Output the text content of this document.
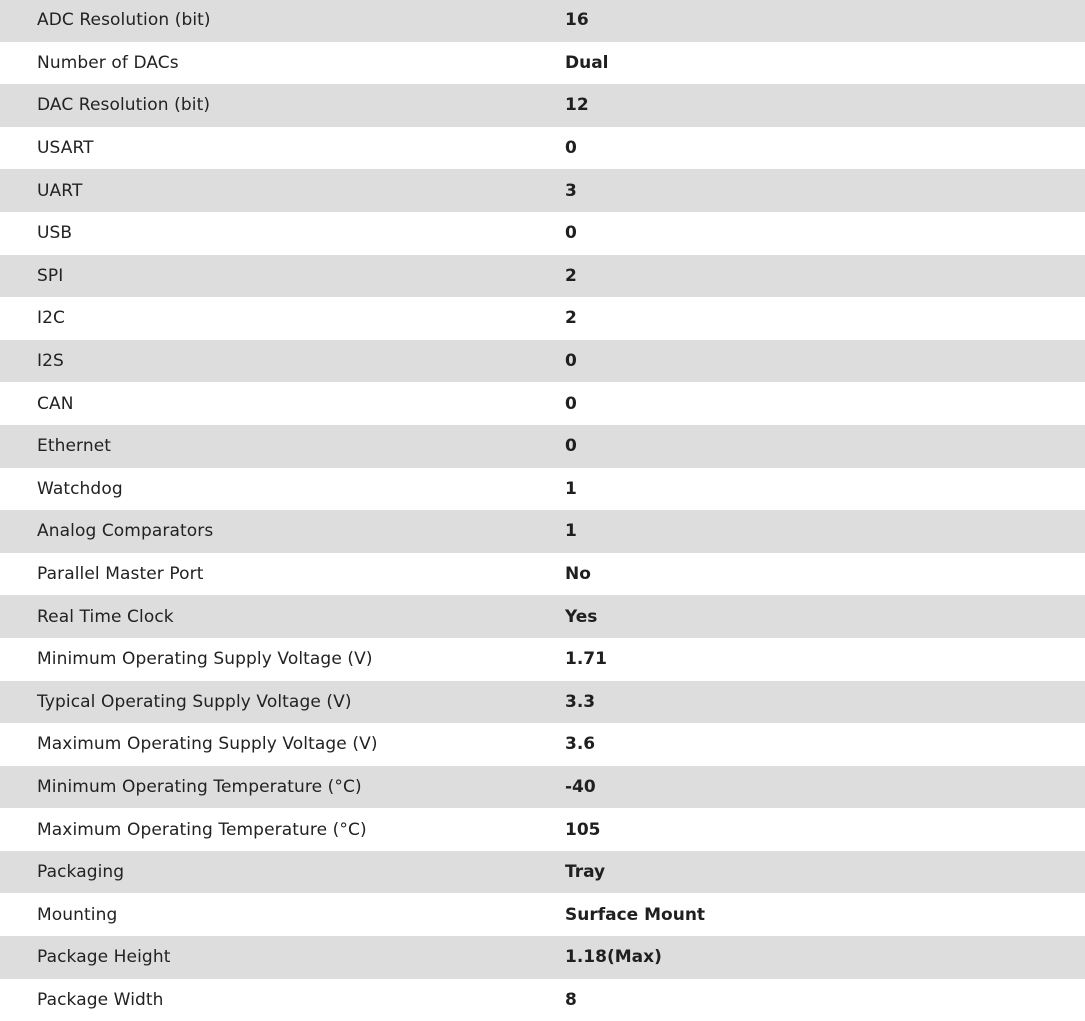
ADC Resolution (bit)	16
Number of DACs	Dual
DAC Resolution (bit)	12
USART	0
UART	3
USB	0
SPI	2
I2C	2
I2S	0
CAN	0
Ethernet	0
Watchdog	1
Analog Comparators	1
Parallel Master Port	No
Real Time Clock	Yes
Minimum Operating Supply Voltage (V)	1.71
Typical Operating Supply Voltage (V)	3.3
Maximum Operating Supply Voltage (V)	3.6
Minimum Operating Temperature (°C)	-40
Maximum Operating Temperature (°C)	105
Packaging	Tray
Mounting	Surface Mount
Package Height	1.18(Max)
Package Width	8
